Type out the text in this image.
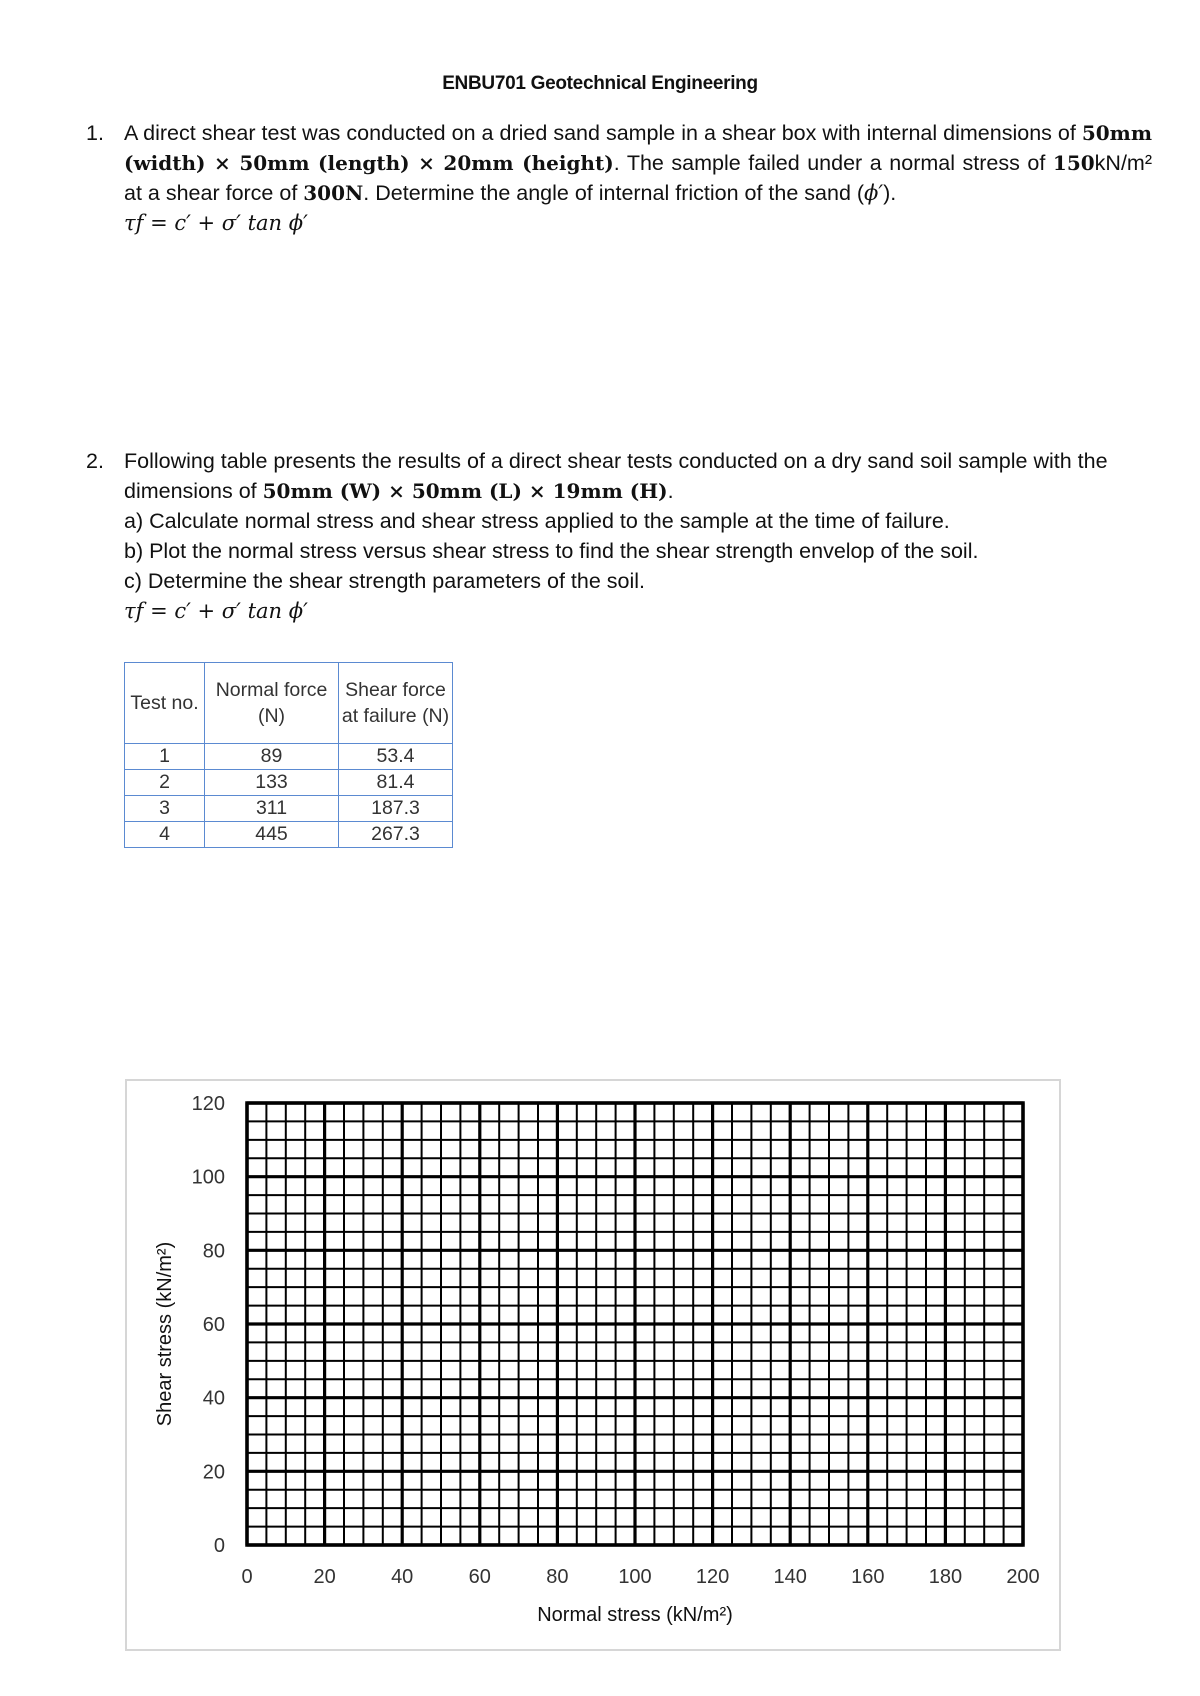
ENBU701 Geotechnical Engineering
1. A direct shear test was conducted on a dried sand sample in a shear box with internal dimensions of 50mm (width) × 50mm (length) × 20mm (height). The sample failed under a normal stress of 150kN/m² at a shear force of 300N. Determine the angle of internal friction of the sand (ϕ′).
τf = c′ + σ′ tan ϕ′
2. Following table presents the results of a direct shear tests conducted on a dry sand soil sample with the dimensions of 50mm (W) × 50mm (L) × 19mm (H).
a) Calculate normal stress and shear stress applied to the sample at the time of failure.
b) Plot the normal stress versus shear stress to find the shear strength envelop of the soil.
c) Determine the shear strength parameters of the soil.
τf = c′ + σ′ tan ϕ′
Test no.	Normal force (N)	Shear force at failure (N)
1	89	53.4
2	133	81.4
3	311	187.3
4	445	267.3
0	20	40	60	80 100 120 140 160 180 200
0
20
40
60
80
100
120
Normal stress (kN/m²)
Shear stress (kN/m²)
